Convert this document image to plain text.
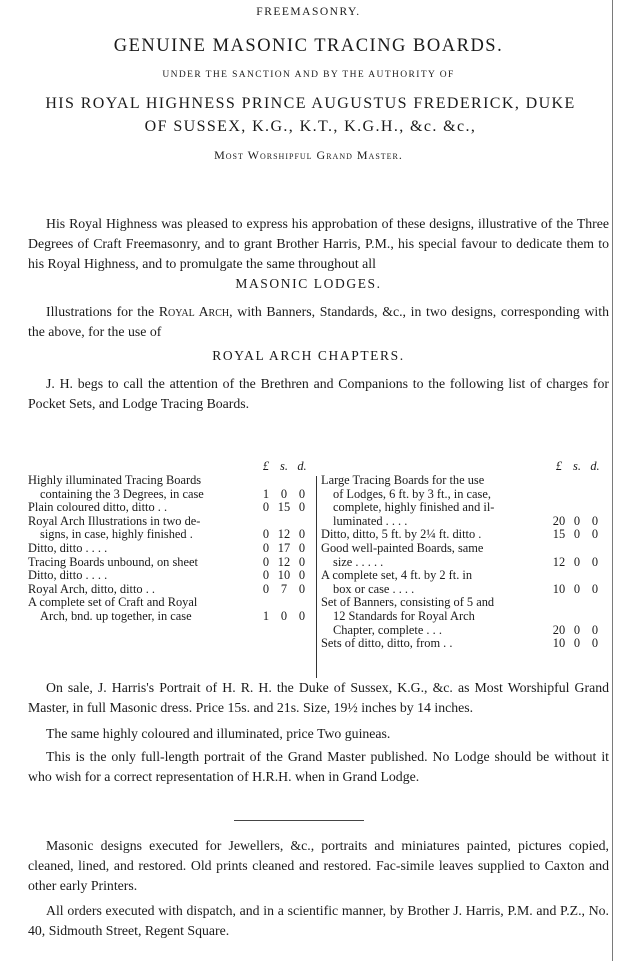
FREEMASONRY.
GENUINE MASONIC TRACING BOARDS.
UNDER THE SANCTION AND BY THE AUTHORITY OF
HIS ROYAL HIGHNESS PRINCE AUGUSTUS FREDERICK, DUKE
OF SUSSEX, K.G., K.T., K.G.H., &c. &c.,
Most Worshipful Grand Master.

His Royal Highness was pleased to express his approbation of these designs, illustrative of the Three Degrees of Craft Freemasonry, and to grant Brother Harris, P.M., his special favour to dedicate them to his Royal Highness, and to promulgate the same throughout all

MASONIC LODGES.

Illustrations for the Royal Arch, with Banners, Standards, &c., in two designs, corresponding with the above, for the use of

ROYAL ARCH CHAPTERS.

J. H. begs to call the attention of the Brethren and Companions to the following list of charges for Pocket Sets, and Lodge Tracing Boards.

£ s. d.
Highly illuminated Tracing Boards
containing the 3 Degrees, in case	1 0 0
Plain coloured ditto, ditto . .	0 15 0
Royal Arch Illustrations in two de-
signs, in case, highly finished .	0 12 0
Ditto, ditto . . . .	0 17 0
Tracing Boards unbound, on sheet	0 12 0
Ditto, ditto . . . .	0 10 0
Royal Arch, ditto, ditto . .	0 7 0
A complete set of Craft and Royal
Arch, bnd. up together, in case	1 0 0
£ s. d.
Large Tracing Boards for the use
of Lodges, 6 ft. by 3 ft., in case,
complete, highly finished and il-
luminated . . . .	20 0 0
Ditto, ditto, 5 ft. by 2¼ ft. ditto .	15 0 0
Good well-painted Boards, same
size . . . . .	12 0 0
A complete set, 4 ft. by 2 ft. in
box or case . . . .	10 0 0
Set of Banners, consisting of 5 and
12 Standards for Royal Arch
Chapter, complete . . .	20 0 0
Sets of ditto, ditto, from . .	10 0 0

On sale, J. Harris's Portrait of H. R. H. the Duke of Sussex, K.G., &c. as Most Worshipful Grand Master, in full Masonic dress. Price 15s. and 21s. Size, 19½ inches by 14 inches.

The same highly coloured and illuminated, price Two guineas.

This is the only full-length portrait of the Grand Master published. No Lodge should be without it who wish for a correct representation of H.R.H. when in Grand Lodge.

Masonic designs executed for Jewellers, &c., portraits and miniatures painted, pictures copied, cleaned, lined, and restored. Old prints cleaned and restored. Fac-simile leaves supplied to Caxton and other early Printers.

All orders executed with dispatch, and in a scientific manner, by Brother J. Harris, P.M. and P.Z., No. 40, Sidmouth Street, Regent Square.
